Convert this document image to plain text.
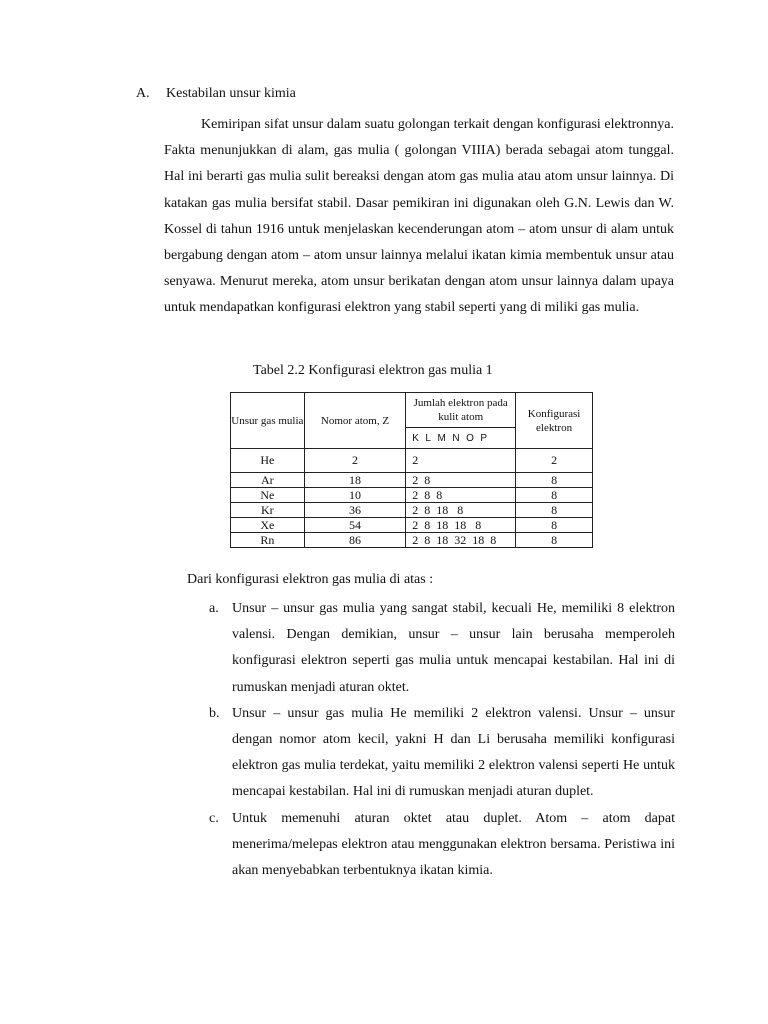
A. Kestabilan unsur kimia

Kemiripan sifat unsur dalam suatu golongan terkait dengan konfigurasi elektronnya. Fakta menunjukkan di alam, gas mulia ( golongan VIIIA) berada sebagai atom tunggal. Hal ini berarti gas mulia sulit bereaksi dengan atom gas mulia atau atom unsur lainnya. Di katakan gas mulia bersifat stabil. Dasar pemikiran ini digunakan oleh G.N. Lewis dan W. Kossel di tahun 1916 untuk menjelaskan kecenderungan atom – atom unsur di alam untuk bergabung dengan atom – atom unsur lainnya melalui ikatan kimia membentuk unsur atau senyawa. Menurut mereka, atom unsur berikatan dengan atom unsur lainnya dalam upaya untuk mendapatkan konfigurasi elektron yang stabil seperti yang di miliki gas mulia.

Tabel 2.2 Konfigurasi elektron gas mulia 1
Unsur gas mulia	Nomor atom, Z	Jumlah elektron pada kulit atom	Konfigurasi elektron
		K L M N O P	
He	2	2	2
Ar	18	2  8	8
Ne	10	2  8  8	8
Kr	36	2  8  18   8	8
Xe	54	2  8  18  18   8	8
Rn	86	2  8  18  32  18  8	8
Dari konfigurasi elektron gas mulia di atas :
a. Unsur – unsur gas mulia yang sangat stabil, kecuali He, memiliki 8 elektron valensi. Dengan demikian, unsur – unsur lain berusaha memperoleh konfigurasi elektron seperti gas mulia untuk mencapai kestabilan. Hal ini di rumuskan menjadi aturan oktet.
b. Unsur – unsur gas mulia He memiliki 2 elektron valensi. Unsur – unsur dengan nomor atom kecil, yakni H dan Li berusaha memiliki konfigurasi elektron gas mulia terdekat, yaitu memiliki 2 elektron valensi seperti He untuk mencapai kestabilan. Hal ini di rumuskan menjadi aturan duplet.
c. Untuk memenuhi aturan oktet atau duplet. Atom – atom dapat menerima/melepas elektron atau menggunakan elektron bersama. Peristiwa ini akan menyebabkan terbentuknya ikatan kimia.
